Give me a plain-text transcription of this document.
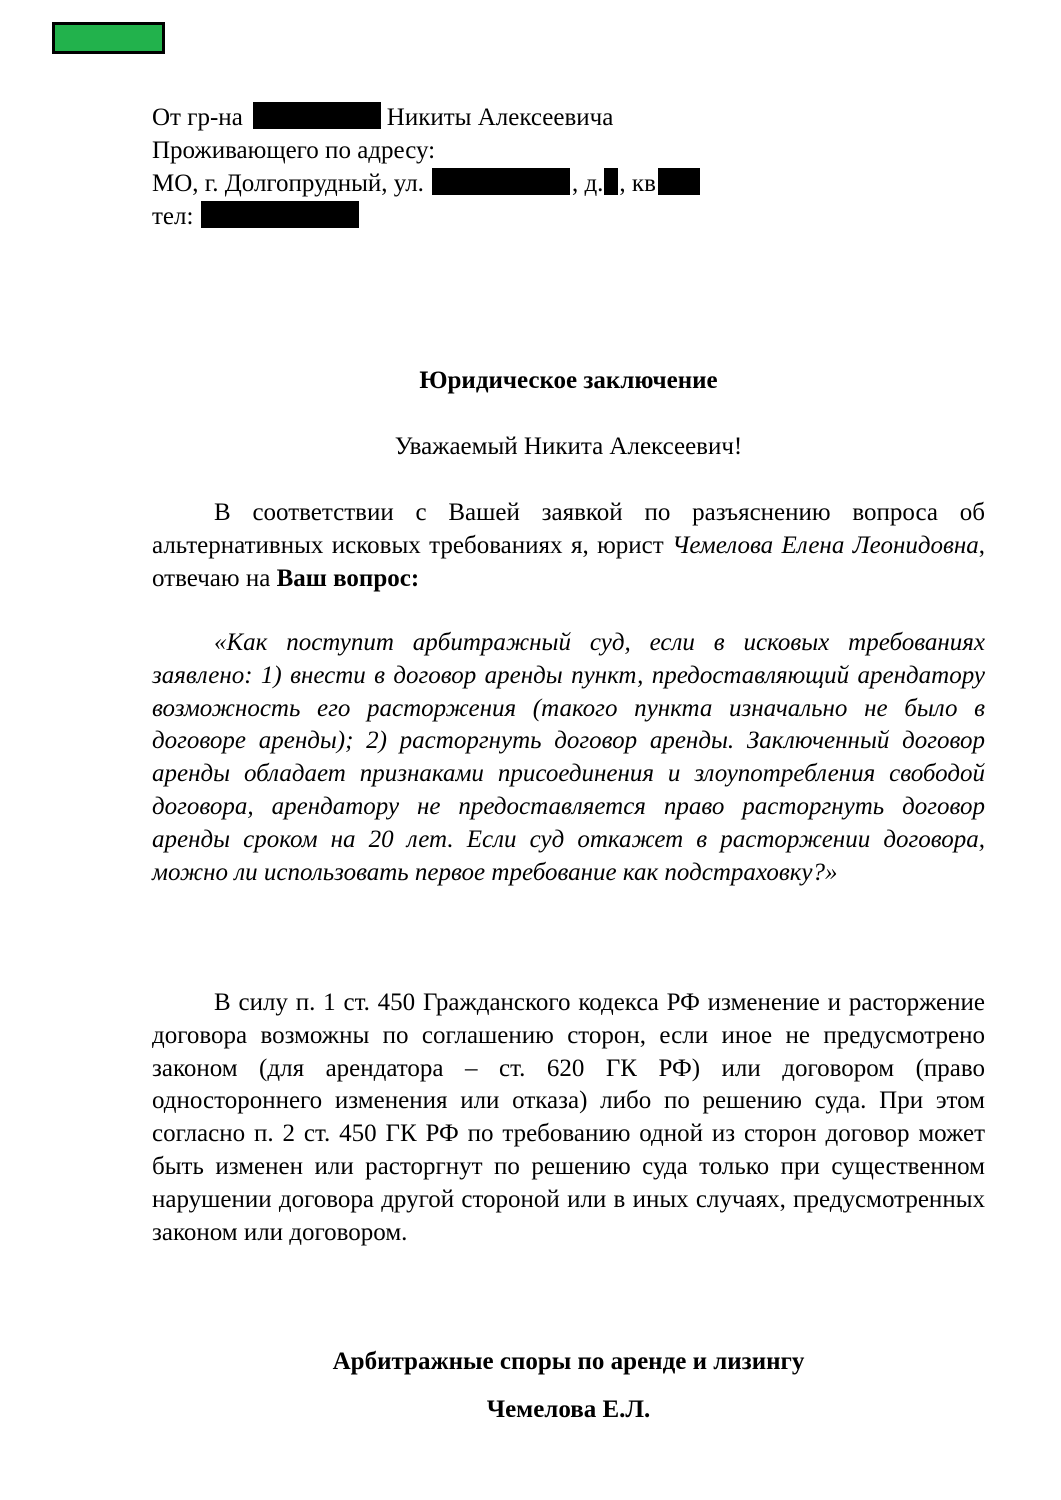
От гр-на	Никиты Алексеевича
Проживающего по адресу:
МО, г. Долгопрудный, ул.	, д. , кв
тел:
Юридическое заключение
Уважаемый Никита Алексеевич!

В соответствии с Вашей заявкой по разъяснению вопроса об альтернативных исковых требованиях я, юрист Чемелова Елена Леонидовна, отвечаю на Ваш вопрос:

«Как поступит арбитражный суд, если в исковых требованиях заявлено: 1) внести в договор аренды пункт, предоставляющий арендатору возможность его расторжения (такого пункта изначально не было в договоре аренды); 2) расторгнуть договор аренды. Заключенный договор аренды обладает признаками присоединения и злоупотребления свободой договора, арендатору не предоставляется право расторгнуть договор аренды сроком на 20 лет. Если суд откажет в расторжении договора, можно ли использовать первое требование как подстраховку?»

В силу п. 1 ст. 450 Гражданского кодекса РФ изменение и расторжение договора возможны по соглашению сторон, если иное не предусмотрено законом (для арендатора – ст. 620 ГК РФ) или договором (право одностороннего изменения или отказа) либо по решению суда. При этом согласно п. 2 ст. 450 ГК РФ по требованию одной из сторон договор может быть изменен или расторгнут по решению суда только при существенном нарушении договора другой стороной или в иных случаях, предусмотренных законом или договором.

Арбитражные споры по аренде и лизингу
Чемелова Е.Л.
